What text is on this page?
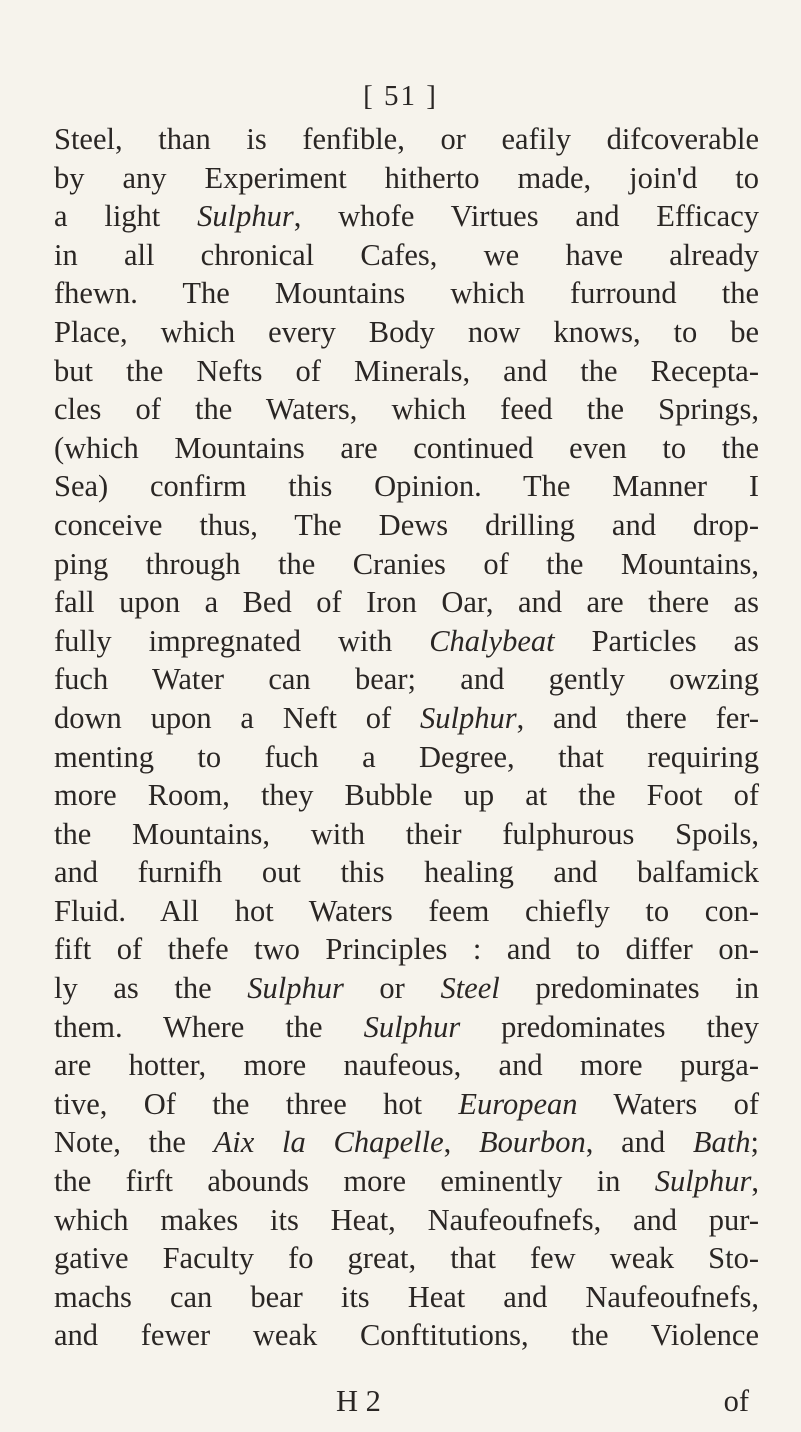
[ 51 ]
Steel, than is fenfible, or eafily difcoverable
by any Experiment hitherto made, join'd to
a light Sulphur, whofe Virtues and Efficacy
in all chronical Cafes, we have already
fhewn. The Mountains which furround the
Place, which every Body now knows, to be
but the Nefts of Minerals, and the Recepta-
cles of the Waters, which feed the Springs,
(which Mountains are continued even to the
Sea) confirm this Opinion. The Manner I
conceive thus, The Dews drilling and drop-
ping through the Cranies of the Mountains,
fall upon a Bed of Iron Oar, and are there as
fully impregnated with Chalybeat Particles as
fuch Water can bear; and gently owzing
down upon a Neft of Sulphur, and there fer-
menting to fuch a Degree, that requiring
more Room, they Bubble up at the Foot of
the Mountains, with their fulphurous Spoils,
and furnifh out this healing and balfamick
Fluid. All hot Waters feem chiefly to con-
fift of thefe two Principles : and to differ on-
ly as the Sulphur or Steel predominates in
them. Where the Sulphur predominates they
are hotter, more naufeous, and more purga-
tive, Of the three hot European Waters of
Note, the Aix la Chapelle, Bourbon, and Bath;
the firft abounds more eminently in Sulphur,
which makes its Heat, Naufeoufnefs, and pur-
gative Faculty fo great, that few weak Sto-
machs can bear its Heat and Naufeoufnefs,
and fewer weak Conftitutions, the Violence
H 2	of
